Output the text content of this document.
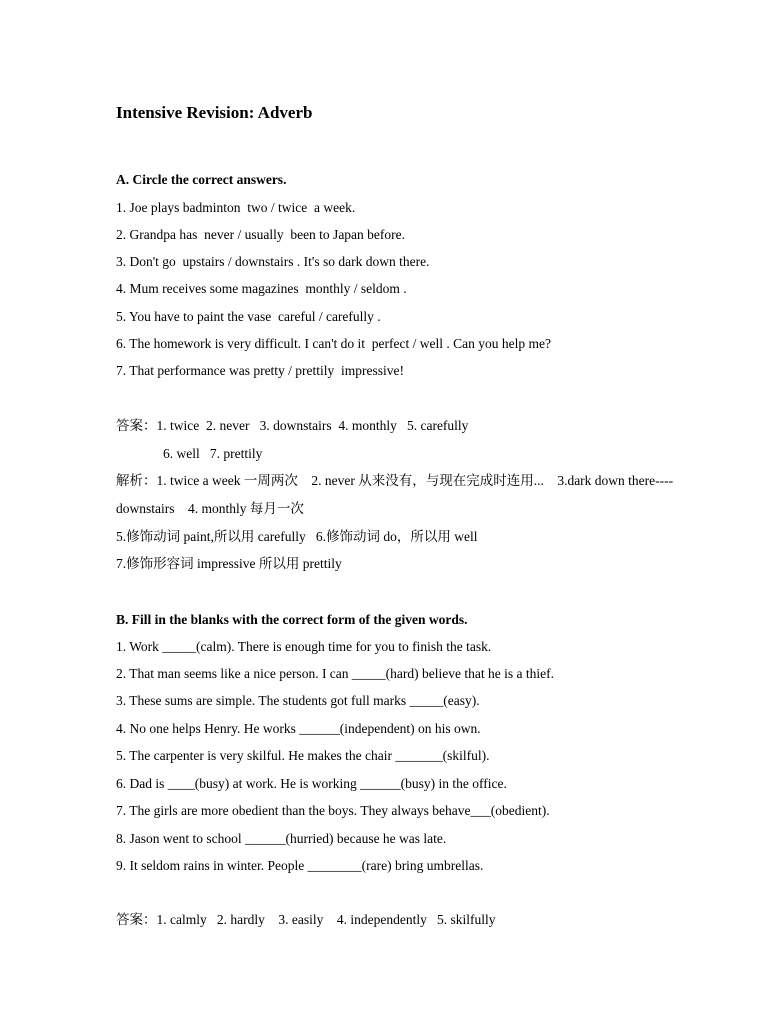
Intensive Revision: Adverb
A. Circle the correct answers.
1. Joe plays badminton  two / twice  a week.
2. Grandpa has  never / usually  been to Japan before.
3. Don't go  upstairs / downstairs . It's so dark down there.
4. Mum receives some magazines  monthly / seldom .
5. You have to paint the vase  careful / carefully .
6. The homework is very difficult. I can't do it  perfect / well . Can you help me?
7. That performance was pretty / prettily  impressive!
答案：1. twice  2. never   3. downstairs  4. monthly   5. carefully
6. well   7. prettily
解析：1. twice a week 一周两次    2. never 从来没有，与现在完成时连用...    3.dark down there----
downstairs    4. monthly 每月一次
5.修饰动词 paint,所以用 carefully   6.修饰动词 do，所以用 well
7.修饰形容词 impressive 所以用 prettily
B. Fill in the blanks with the correct form of the given words.
1. Work _____(calm). There is enough time for you to finish the task.
2. That man seems like a nice person. I can _____(hard) believe that he is a thief.
3. These sums are simple. The students got full marks _____(easy).
4. No one helps Henry. He works ______(independent) on his own.
5. The carpenter is very skilful. He makes the chair _______(skilful).
6. Dad is ____(busy) at work. He is working ______(busy) in the office.
7. The girls are more obedient than the boys. They always behave___(obedient).
8. Jason went to school ______(hurried) because he was late.
9. It seldom rains in winter. People ________(rare) bring umbrellas.
答案：1. calmly   2. hardly    3. easily    4. independently   5. skilfully
